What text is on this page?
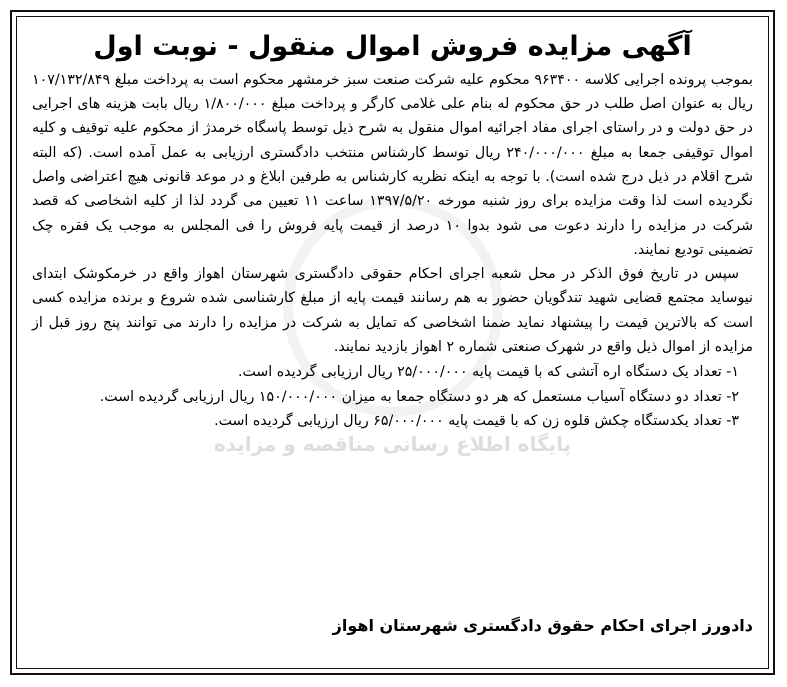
پایگاه اطلاع رسانی مناقصه و مزایده
آگهی مزایده فروش اموال منقول - نوبت اول

بموجب پرونده اجرایی کلاسه ۹۶۳۴۰۰ محکوم علیه شرکت صنعت سبز خرمشهر محکوم است به پرداخت مبلغ ۱۰۷/۱۳۲/۸۴۹ ریال به عنوان اصل طلب در حق محکوم له بنام علی غلامی کارگر و پرداخت مبلغ ۱/۸۰۰/۰۰۰ ریال بابت هزینه های اجرایی در حق دولت و در راستای اجرای مفاد اجرائیه اموال منقول به شرح ذیل توسط پاسگاه خرمدژ از محکوم علیه توقیف و کلیه اموال توقیفی جمعا به مبلغ ۲۴۰/۰۰۰/۰۰۰ ریال توسط کارشناس منتخب دادگستری ارزیابی به عمل آمده است. (که البته شرح اقلام در ذیل درج شده است). با توجه به اینکه نظریه کارشناس به طرفین ابلاغ و در موعد قانونی هیچ اعتراضی واصل نگردیده است لذا وقت مزایده برای روز شنبه مورخه ۱۳۹۷/۵/۲۰ ساعت ۱۱ تعیین می گردد لذا از کلیه اشخاصی که قصد شرکت در مزایده را دارند دعوت می شود بدوا ۱۰ درصد از قیمت پایه فروش را فی المجلس به موجب یک فقره چک تضمینی تودیع نمایند.

سپس در تاریخ فوق الذکر در محل شعبه اجرای احکام حقوقی دادگستری شهرستان اهواز واقع در خرمکوشک ابتدای نیوساید مجتمع قضایی شهید تندگویان حضور به هم رسانند قیمت پایه از مبلغ کارشناسی شده شروع و برنده مزایده کسی است که بالاترین قیمت را پیشنهاد نماید ضمنا اشخاصی که تمایل به شرکت در مزایده را دارند می توانند پنج روز قبل از مزایده از اموال ذیل واقع در شهرک صنعتی شماره ۲ اهواز بازدید نمایند.

۱- تعداد یک دستگاه اره آتشی که با قیمت پایه ۲۵/۰۰۰/۰۰۰ ریال ارزیابی گردیده است.
۲- تعداد دو دستگاه آسیاب مستعمل که هر دو دستگاه جمعا به میزان ۱۵۰/۰۰۰/۰۰۰ ریال ارزیابی گردیده است.
۳- تعداد یکدستگاه چکش قلوه زن که با قیمت پایه ۶۵/۰۰۰/۰۰۰ ریال ارزیابی گردیده است.
دادورز اجرای احکام حقوق دادگستری شهرستان اهواز
